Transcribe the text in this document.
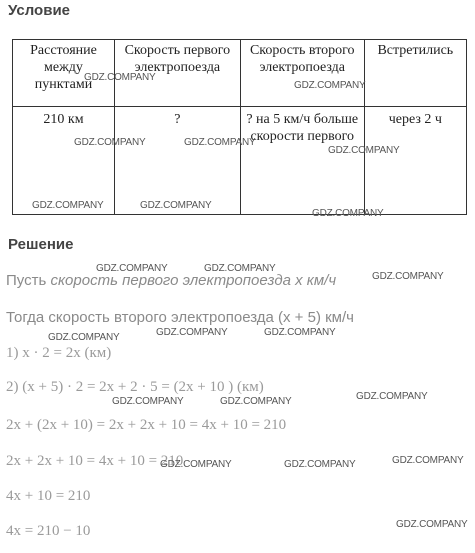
Условие
Расстояние между пунктами	Скорость первого электропоезда	Скорость второго электропоезда	Встретились
210 км	?	? на 5 км/ч больше скорости первого	через 2 ч
Решение
Пусть скорость первого электропоезда x км/ч
Тогда скорость второго электропоезда (x + 5) км/ч
1) x · 2 = 2x (км)
2) (x + 5) · 2 = 2x + 2 · 5 = (2x + 10 ) (км)
2x + (2x + 10) = 2x + 2x + 10 = 4x + 10 = 210
2x + 2x + 10 = 4x + 10 = 210
4x + 10 = 210
4x = 210 − 10
GDZ.COMPANY
GDZ.COMPANY
GDZ.COMPANY	GDZ.COMPANY
GDZ.COMPANY
GDZ.COMPANY	GDZ.COMPANY
GDZ.COMPANY
GDZ.COMPANY	GDZ.COMPANY
GDZ.COMPANY
GDZ.COMPANY	GDZ.COMPANY	GDZ.COMPANY
GDZ.COMPANY	GDZ.COMPANY	GDZ.COMPANY
GDZ.COMPANY	GDZ.COMPANY	GDZ.COMPANY
GDZ.COMPANY
